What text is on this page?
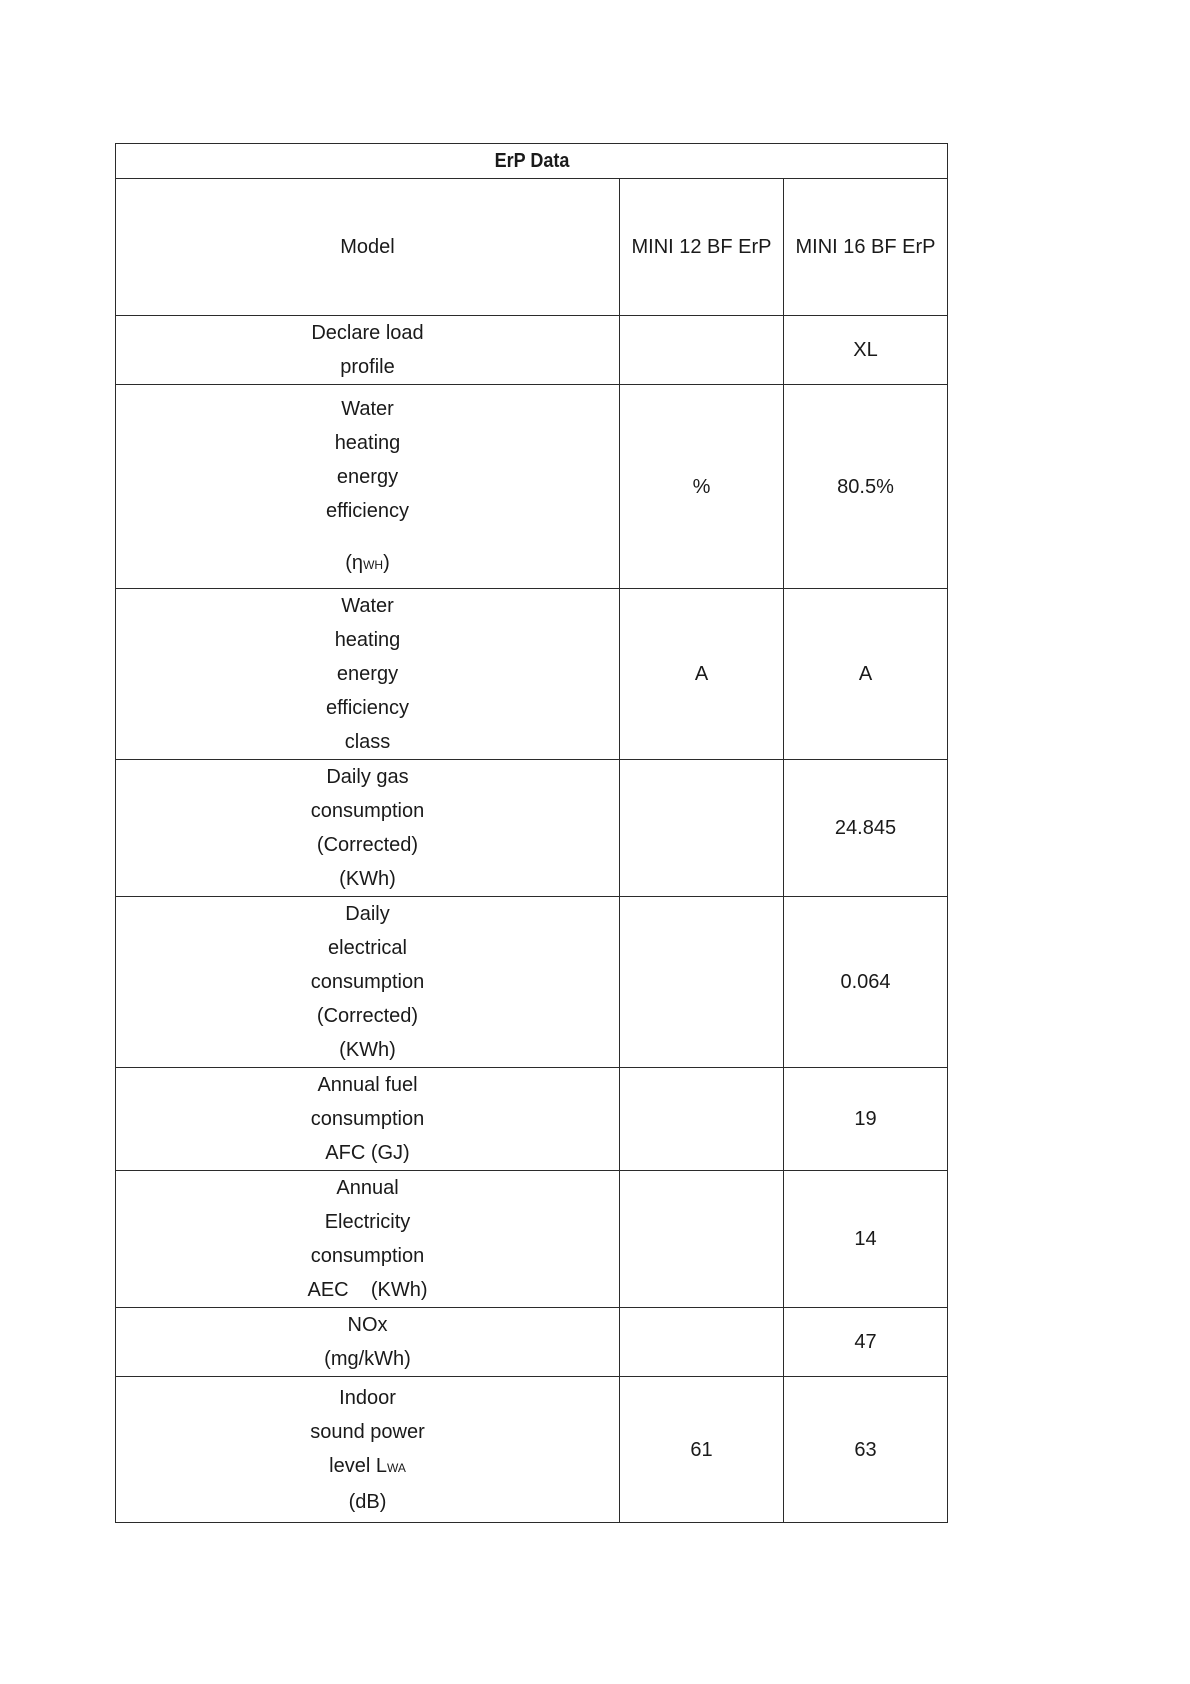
ErP Data		
Model	MINI 12 BF ErP	MINI 16 BF ErP

Declare load
profile		XL

Water
heating
energy
efficiency
(ηWH)	%	80.5%

Water
heating
energy
efficiency
class	A	A

Daily gas
consumption
(Corrected)
(KWh)		24.845

Daily
electrical
consumption
(Corrected)
(KWh)		0.064

Annual fuel
consumption
AFC (GJ)		19

Annual
Electricity
consumption
AEC    (KWh)		14

NOx
(mg/kWh)		47

Indoor
sound power
level LWA
(dB)	61	63
